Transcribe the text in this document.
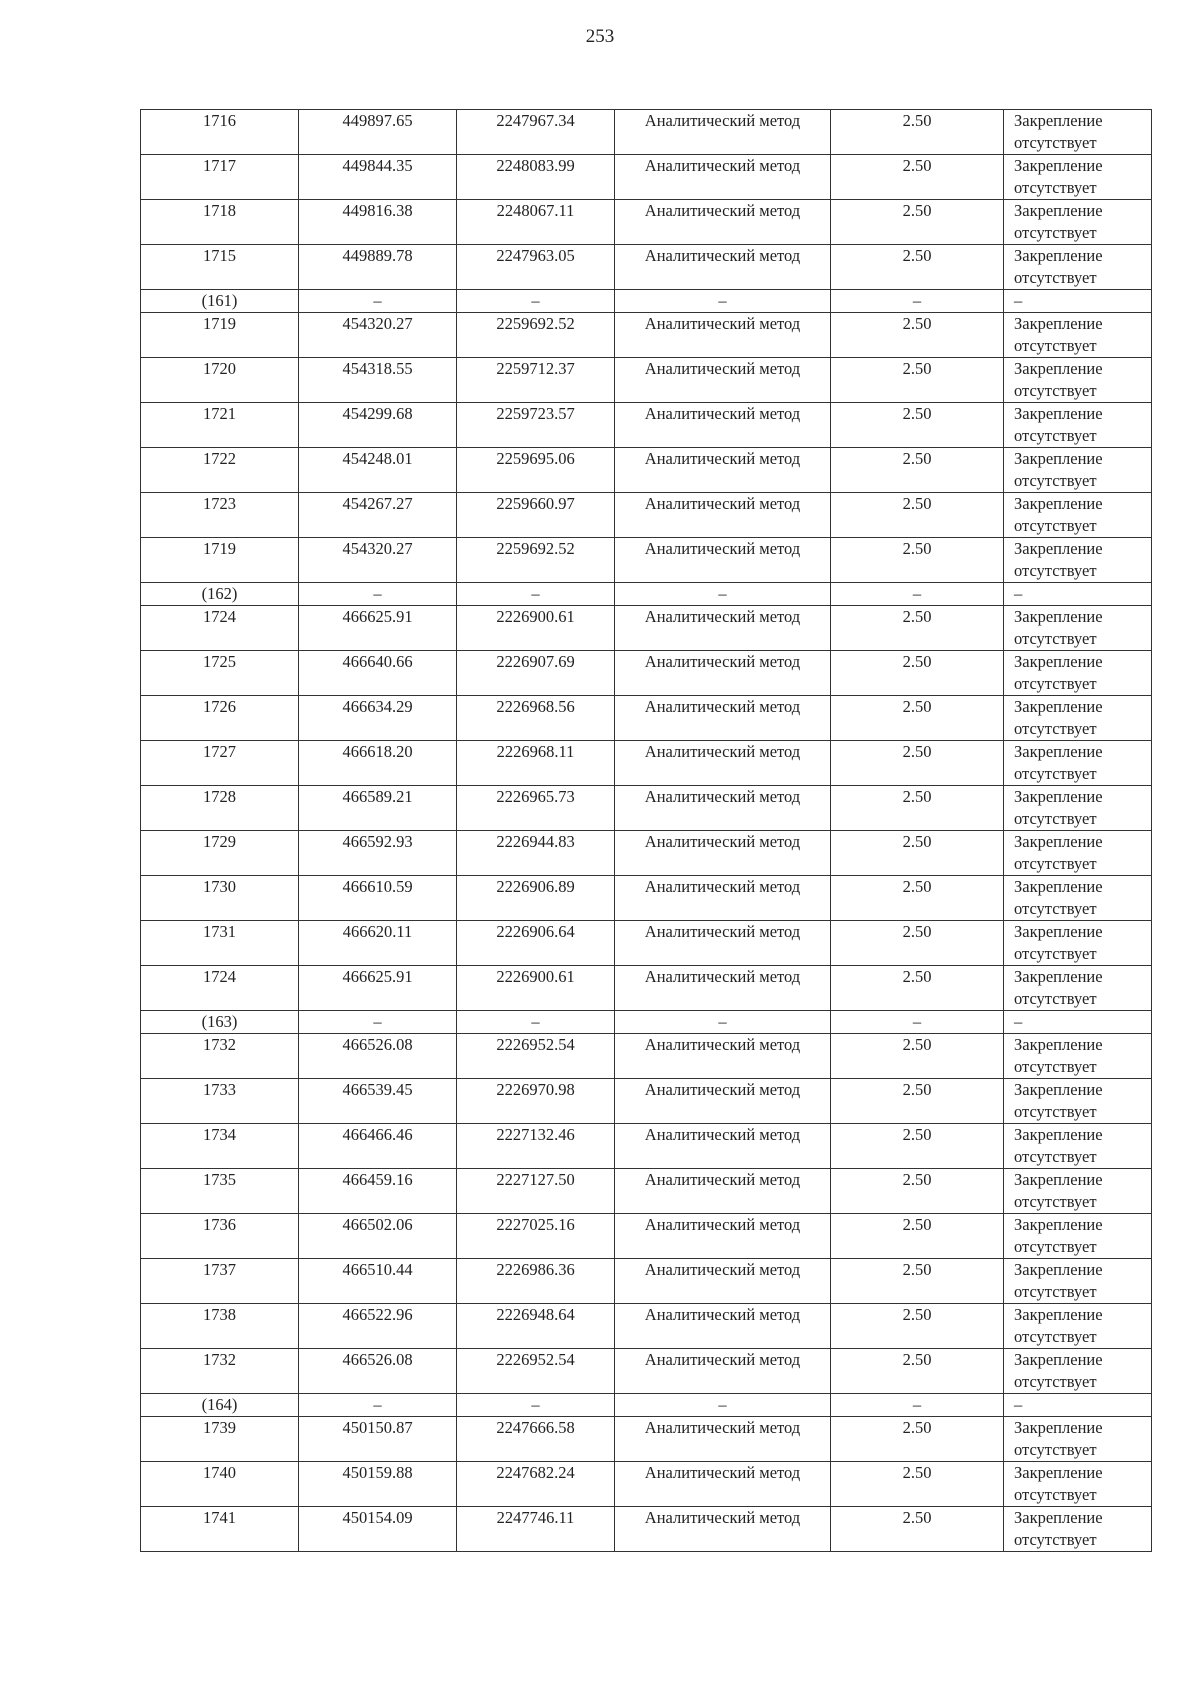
253
1716	449897.65	2247967.34	Аналитический метод	2.50	Закрепление
отсутствует

1717	449844.35	2248083.99	Аналитический метод	2.50	Закрепление
отсутствует

1718	449816.38	2248067.11	Аналитический метод	2.50	Закрепление
отсутствует

1715	449889.78	2247963.05	Аналитический метод	2.50	Закрепление
отсутствует

(161)	–	–	–	–	–
1719	454320.27	2259692.52	Аналитический метод	2.50	Закрепление
отсутствует

1720	454318.55	2259712.37	Аналитический метод	2.50	Закрепление
отсутствует

1721	454299.68	2259723.57	Аналитический метод	2.50	Закрепление
отсутствует

1722	454248.01	2259695.06	Аналитический метод	2.50	Закрепление
отсутствует

1723	454267.27	2259660.97	Аналитический метод	2.50	Закрепление
отсутствует

1719	454320.27	2259692.52	Аналитический метод	2.50	Закрепление
отсутствует

(162)	–	–	–	–	–
1724	466625.91	2226900.61	Аналитический метод	2.50	Закрепление
отсутствует

1725	466640.66	2226907.69	Аналитический метод	2.50	Закрепление
отсутствует

1726	466634.29	2226968.56	Аналитический метод	2.50	Закрепление
отсутствует

1727	466618.20	2226968.11	Аналитический метод	2.50	Закрепление
отсутствует

1728	466589.21	2226965.73	Аналитический метод	2.50	Закрепление
отсутствует

1729	466592.93	2226944.83	Аналитический метод	2.50	Закрепление
отсутствует

1730	466610.59	2226906.89	Аналитический метод	2.50	Закрепление
отсутствует

1731	466620.11	2226906.64	Аналитический метод	2.50	Закрепление
отсутствует

1724	466625.91	2226900.61	Аналитический метод	2.50	Закрепление
отсутствует

(163)	–	–	–	–	–
1732	466526.08	2226952.54	Аналитический метод	2.50	Закрепление
отсутствует

1733	466539.45	2226970.98	Аналитический метод	2.50	Закрепление
отсутствует

1734	466466.46	2227132.46	Аналитический метод	2.50	Закрепление
отсутствует

1735	466459.16	2227127.50	Аналитический метод	2.50	Закрепление
отсутствует

1736	466502.06	2227025.16	Аналитический метод	2.50	Закрепление
отсутствует

1737	466510.44	2226986.36	Аналитический метод	2.50	Закрепление
отсутствует

1738	466522.96	2226948.64	Аналитический метод	2.50	Закрепление
отсутствует

1732	466526.08	2226952.54	Аналитический метод	2.50	Закрепление
отсутствует

(164)	–	–	–	–	–
1739	450150.87	2247666.58	Аналитический метод	2.50	Закрепление
отсутствует

1740	450159.88	2247682.24	Аналитический метод	2.50	Закрепление
отсутствует

1741	450154.09	2247746.11	Аналитический метод	2.50	Закрепление
отсутствует
